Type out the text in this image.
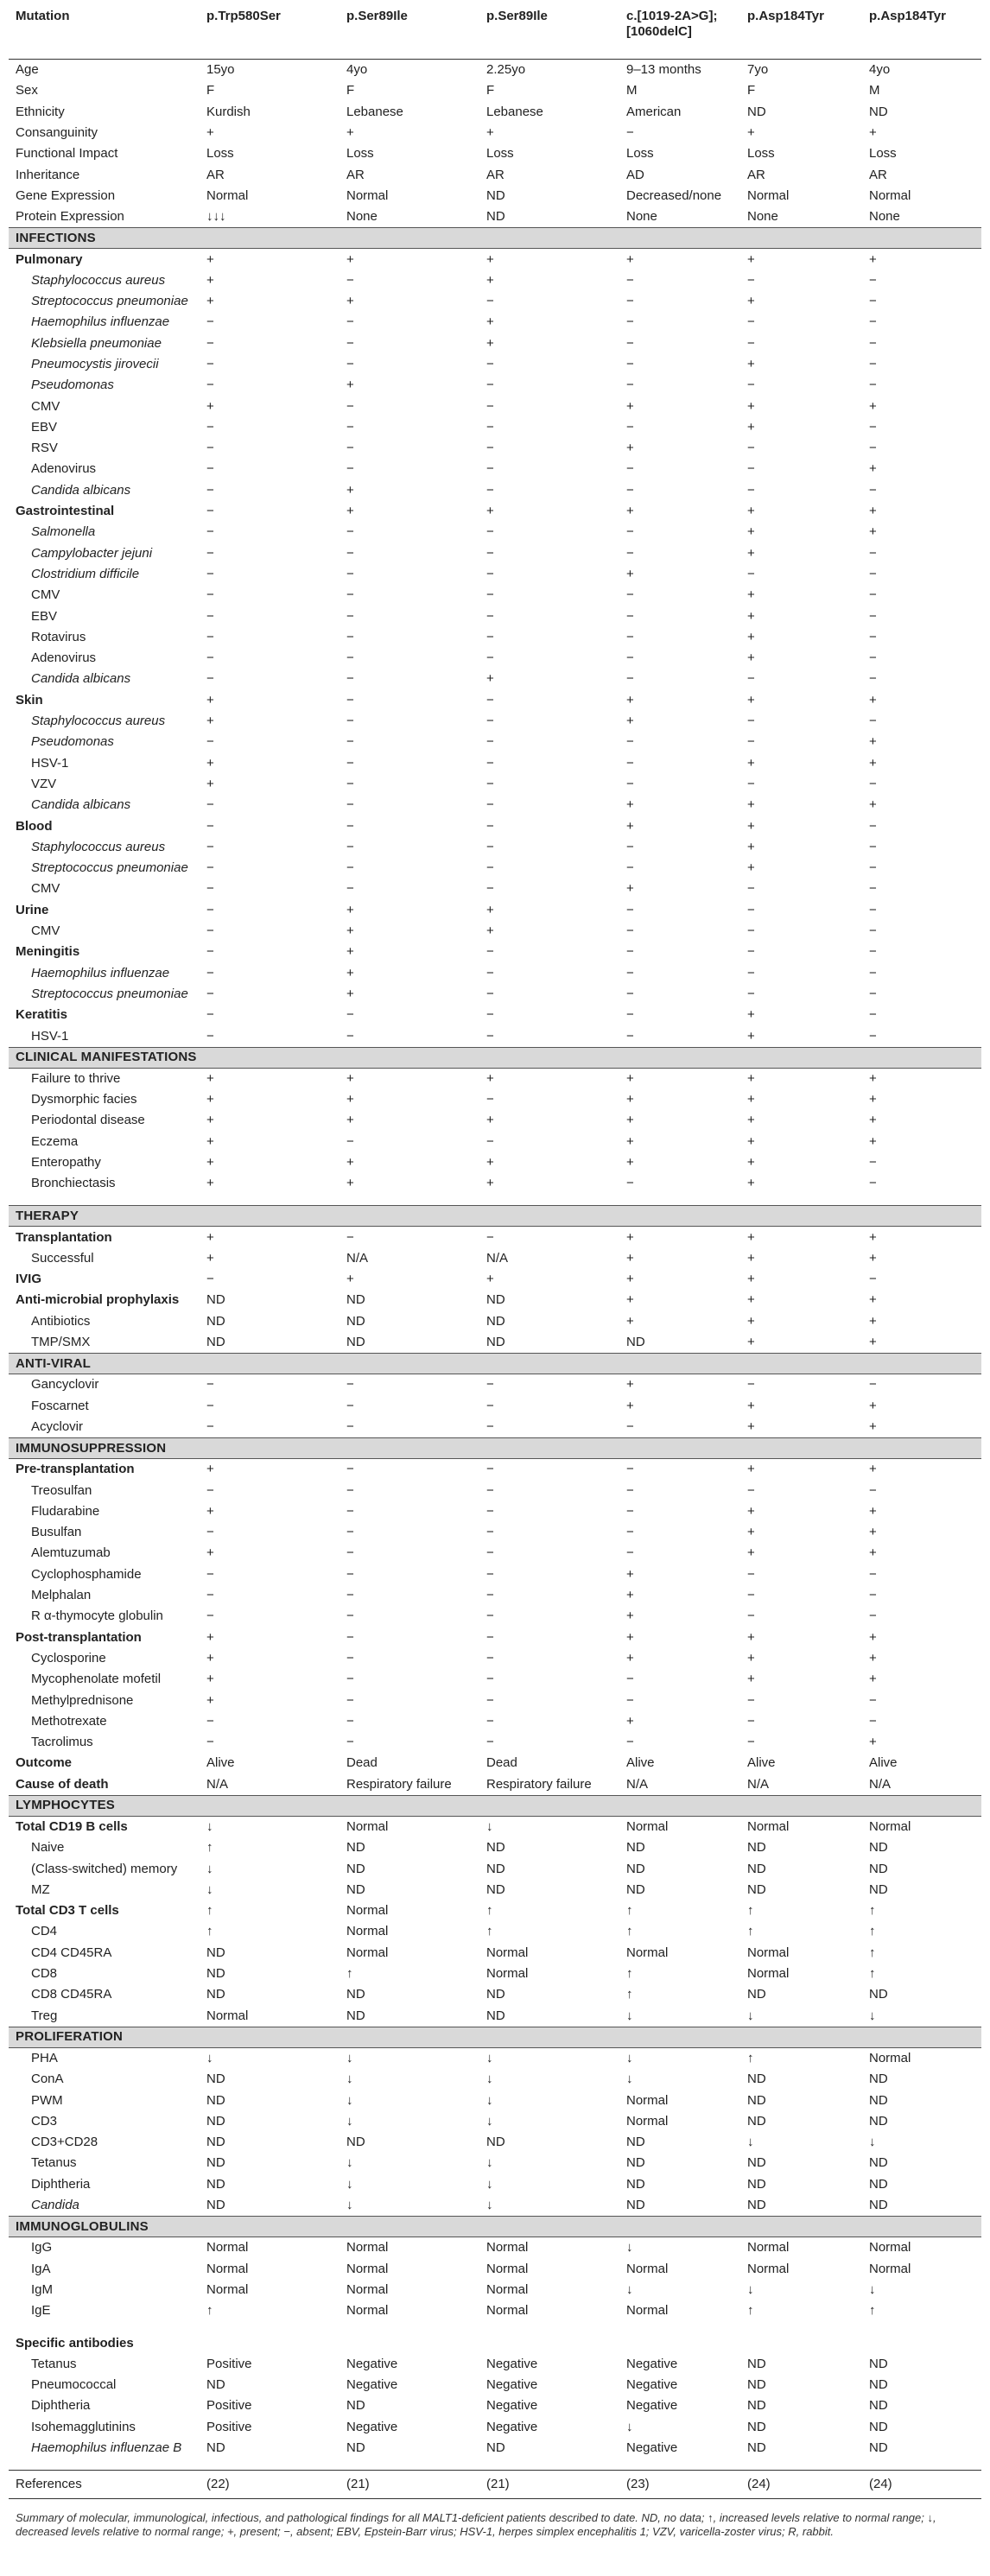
Mutation	p.Trp580Ser	p.Ser89Ile	p.Ser89Ile	c.[1019-2A>G];[1060delC]	p.Asp184Tyr	p.Asp184Tyr
Age	15yo	4yo	2.25yo	9–13 months	7yo	4yo
Sex	F	F	F	M	F	M
Ethnicity	Kurdish	Lebanese	Lebanese	American	ND	ND
Consanguinity	+	+	+	−	+	+
Functional Impact	Loss	Loss	Loss	Loss	Loss	Loss
Inheritance	AR	AR	AR	AD	AR	AR
Gene Expression	Normal	Normal	ND	Decreased/none	Normal	Normal
Protein Expression	↓↓↓	None	ND	None	None	None
INFECTIONS						
Pulmonary	+	+	+	+	+	+
Staphylococcus aureus	+	−	+	−	−	−
Streptococcus pneumoniae	+	+	−	−	+	−
Haemophilus influenzae	−	−	+	−	−	−
Klebsiella pneumoniae	−	−	+	−	−	−
Pneumocystis jirovecii	−	−	−	−	+	−
Pseudomonas	−	+	−	−	−	−
CMV	+	−	−	+	+	+
EBV	−	−	−	−	+	−
RSV	−	−	−	+	−	−
Adenovirus	−	−	−	−	−	+
Candida albicans	−	+	−	−	−	−
Gastrointestinal	−	+	+	+	+	+
Salmonella	−	−	−	−	+	+
Campylobacter jejuni	−	−	−	−	+	−
Clostridium difficile	−	−	−	+	−	−
CMV	−	−	−	−	+	−
EBV	−	−	−	−	+	−
Rotavirus	−	−	−	−	+	−
Adenovirus	−	−	−	−	+	−
Candida albicans	−	−	+	−	−	−
Skin	+	−	−	+	+	+
Staphylococcus aureus	+	−	−	+	−	−
Pseudomonas	−	−	−	−	−	+
HSV-1	+	−	−	−	+	+
VZV	+	−	−	−	−	−
Candida albicans	−	−	−	+	+	+
Blood	−	−	−	+	+	−
Staphylococcus aureus	−	−	−	−	+	−
Streptococcus pneumoniae	−	−	−	−	+	−
CMV	−	−	−	+	−	−
Urine	−	+	+	−	−	−
CMV	−	+	+	−	−	−
Meningitis	−	+	−	−	−	−
Haemophilus influenzae	−	+	−	−	−	−
Streptococcus pneumoniae	−	+	−	−	−	−
Keratitis	−	−	−	−	+	−
HSV-1	−	−	−	−	+	−
CLINICAL MANIFESTATIONS						
Failure to thrive	+	+	+	+	+	+
Dysmorphic facies	+	+	−	+	+	+
Periodontal disease	+	+	+	+	+	+
Eczema	+	−	−	+	+	+
Enteropathy	+	+	+	+	+	−
Bronchiectasis	+	+	+	−	+	−

THERAPY						
Transplantation	+	−	−	+	+	+
Successful	+	N/A	N/A	+	+	+
IVIG	−	+	+	+	+	−
Anti-microbial prophylaxis	ND	ND	ND	+	+	+
Antibiotics	ND	ND	ND	+	+	+
TMP/SMX	ND	ND	ND	ND	+	+
ANTI-VIRAL						
Gancyclovir	−	−	−	+	−	−
Foscarnet	−	−	−	+	+	+
Acyclovir	−	−	−	−	+	+
IMMUNOSUPPRESSION						
Pre-transplantation	+	−	−	−	+	+
Treosulfan	−	−	−	−	−	−
Fludarabine	+	−	−	−	+	+
Busulfan	−	−	−	−	+	+
Alemtuzumab	+	−	−	−	+	+
Cyclophosphamide	−	−	−	+	−	−
Melphalan	−	−	−	+	−	−
R α-thymocyte globulin	−	−	−	+	−	−
Post-transplantation	+	−	−	+	+	+
Cyclosporine	+	−	−	+	+	+
Mycophenolate mofetil	+	−	−	−	+	+
Methylprednisone	+	−	−	−	−	−
Methotrexate	−	−	−	+	−	−
Tacrolimus	−	−	−	−	−	+
Outcome	Alive	Dead	Dead	Alive	Alive	Alive
Cause of death	N/A	Respiratory failure	Respiratory failure	N/A	N/A	N/A
LYMPHOCYTES						
Total CD19 B cells	↓	Normal	↓	Normal	Normal	Normal
Naive	↑	ND	ND	ND	ND	ND
(Class-switched) memory	↓	ND	ND	ND	ND	ND
MZ	↓	ND	ND	ND	ND	ND
Total CD3 T cells	↑	Normal	↑	↑	↑	↑
CD4	↑	Normal	↑	↑	↑	↑
CD4 CD45RA	ND	Normal	Normal	Normal	Normal	↑
CD8	ND	↑	Normal	↑	Normal	↑
CD8 CD45RA	ND	ND	ND	↑	ND	ND
Treg	Normal	ND	ND	↓	↓	↓
PROLIFERATION						
PHA	↓	↓	↓	↓	↑	Normal
ConA	ND	↓	↓	↓	ND	ND
PWM	ND	↓	↓	Normal	ND	ND
CD3	ND	↓	↓	Normal	ND	ND
CD3+CD28	ND	ND	ND	ND	↓	↓
Tetanus	ND	↓	↓	ND	ND	ND
Diphtheria	ND	↓	↓	ND	ND	ND
Candida	ND	↓	↓	ND	ND	ND
IMMUNOGLOBULINS						
IgG	Normal	Normal	Normal	↓	Normal	Normal
IgA	Normal	Normal	Normal	Normal	Normal	Normal
IgM	Normal	Normal	Normal	↓	↓	↓
IgE	↑	Normal	Normal	Normal	↑	↑

Specific antibodies						
Tetanus	Positive	Negative	Negative	Negative	ND	ND
Pneumococcal	ND	Negative	Negative	Negative	ND	ND
Diphtheria	Positive	ND	Negative	Negative	ND	ND
Isohemagglutinins	Positive	Negative	Negative	↓	ND	ND
Haemophilus influenzae B	ND	ND	ND	Negative	ND	ND

References	(22)	(21)	(21)	(23)	(24)	(24)
Summary of molecular, immunological, infectious, and pathological findings for all MALT1-deficient patients described to date. ND, no data; ↑, increased levels relative to normal range; ↓, decreased levels relative to normal range; +, present; −, absent; EBV, Epstein-Barr virus; HSV-1, herpes simplex encephalitis 1; VZV, varicella-zoster virus; R, rabbit.
